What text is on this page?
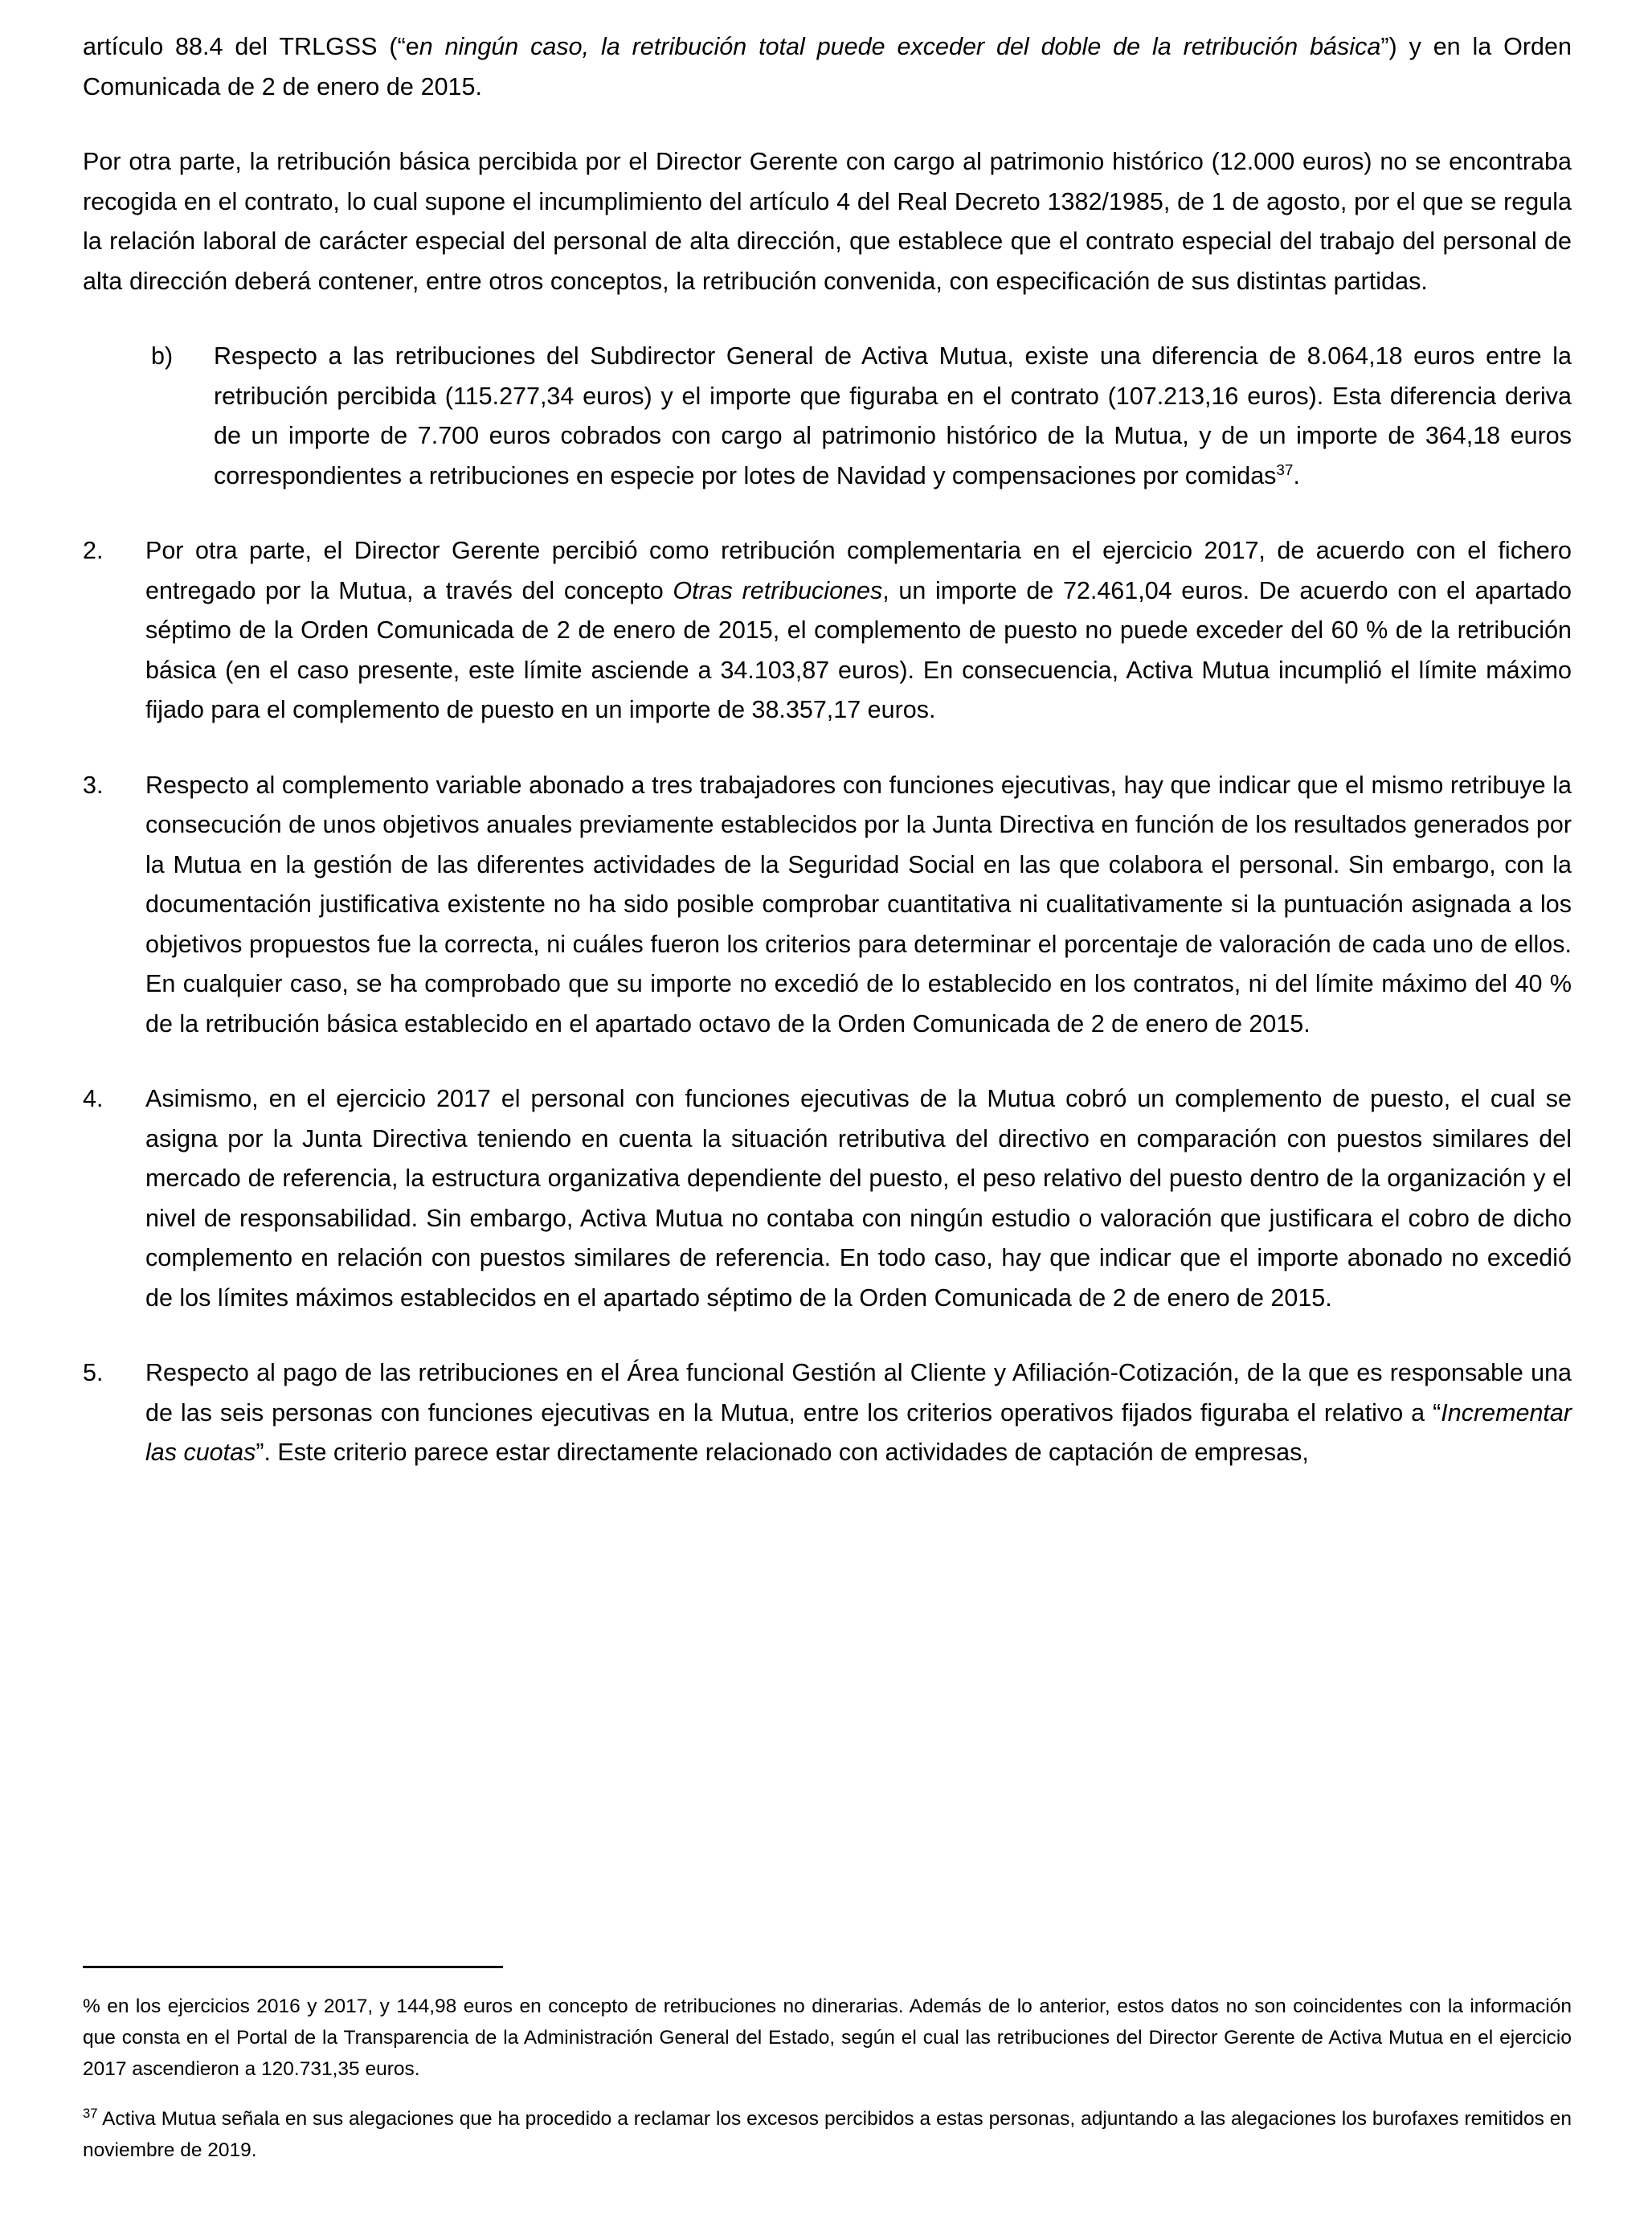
artículo 88.4 del TRLGSS (“en ningún caso, la retribución total puede exceder del doble de la retribución básica”) y en la Orden Comunicada de 2 de enero de 2015.
Por otra parte, la retribución básica percibida por el Director Gerente con cargo al patrimonio histórico (12.000 euros) no se encontraba recogida en el contrato, lo cual supone el incumplimiento del artículo 4 del Real Decreto 1382/1985, de 1 de agosto, por el que se regula la relación laboral de carácter especial del personal de alta dirección, que establece que el contrato especial del trabajo del personal de alta dirección deberá contener, entre otros conceptos, la retribución convenida, con especificación de sus distintas partidas.
b)	Respecto a las retribuciones del Subdirector General de Activa Mutua, existe una diferencia de 8.064,18 euros entre la retribución percibida (115.277,34 euros) y el importe que figuraba en el contrato (107.213,16 euros). Esta diferencia deriva de un importe de 7.700 euros cobrados con cargo al patrimonio histórico de la Mutua, y de un importe de 364,18 euros correspondientes a retribuciones en especie por lotes de Navidad y compensaciones por comidas$^{37}$.
2.	Por otra parte, el Director Gerente percibió como retribución complementaria en el ejercicio 2017, de acuerdo con el fichero entregado por la Mutua, a través del concepto Otras retribuciones, un importe de 72.461,04 euros. De acuerdo con el apartado séptimo de la Orden Comunicada de 2 de enero de 2015, el complemento de puesto no puede exceder del 60 % de la retribución básica (en el caso presente, este límite asciende a 34.103,87 euros). En consecuencia, Activa Mutua incumplió el límite máximo fijado para el complemento de puesto en un importe de 38.357,17 euros.
3.	Respecto al complemento variable abonado a tres trabajadores con funciones ejecutivas, hay que indicar que el mismo retribuye la consecución de unos objetivos anuales previamente establecidos por la Junta Directiva en función de los resultados generados por la Mutua en la gestión de las diferentes actividades de la Seguridad Social en las que colabora el personal. Sin embargo, con la documentación justificativa existente no ha sido posible comprobar cuantitativa ni cualitativamente si la puntuación asignada a los objetivos propuestos fue la correcta, ni cuáles fueron los criterios para determinar el porcentaje de valoración de cada uno de ellos. En cualquier caso, se ha comprobado que su importe no excedió de lo establecido en los contratos, ni del límite máximo del 40 % de la retribución básica establecido en el apartado octavo de la Orden Comunicada de 2 de enero de 2015.
4.	Asimismo, en el ejercicio 2017 el personal con funciones ejecutivas de la Mutua cobró un complemento de puesto, el cual se asigna por la Junta Directiva teniendo en cuenta la situación retributiva del directivo en comparación con puestos similares del mercado de referencia, la estructura organizativa dependiente del puesto, el peso relativo del puesto dentro de la organización y el nivel de responsabilidad. Sin embargo, Activa Mutua no contaba con ningún estudio o valoración que justificara el cobro de dicho complemento en relación con puestos similares de referencia. En todo caso, hay que indicar que el importe abonado no excedió de los límites máximos establecidos en el apartado séptimo de la Orden Comunicada de 2 de enero de 2015.
5.	Respecto al pago de las retribuciones en el Área funcional Gestión al Cliente y Afiliación-Cotización, de la que es responsable una de las seis personas con funciones ejecutivas en la Mutua, entre los criterios operativos fijados figuraba el relativo a “Incrementar las cuotas”. Este criterio parece estar directamente relacionado con actividades de captación de empresas,
% en los ejercicios 2016 y 2017, y 144,98 euros en concepto de retribuciones no dinerarias. Además de lo anterior, estos datos no son coincidentes con la información que consta en el Portal de la Transparencia de la Administración General del Estado, según el cual las retribuciones del Director Gerente de Activa Mutua en el ejercicio 2017 ascendieron a 120.731,35 euros.
$^{37}$ Activa Mutua señala en sus alegaciones que ha procedido a reclamar los excesos percibidos a estas personas, adjuntando a las alegaciones los burofaxes remitidos en noviembre de 2019.
